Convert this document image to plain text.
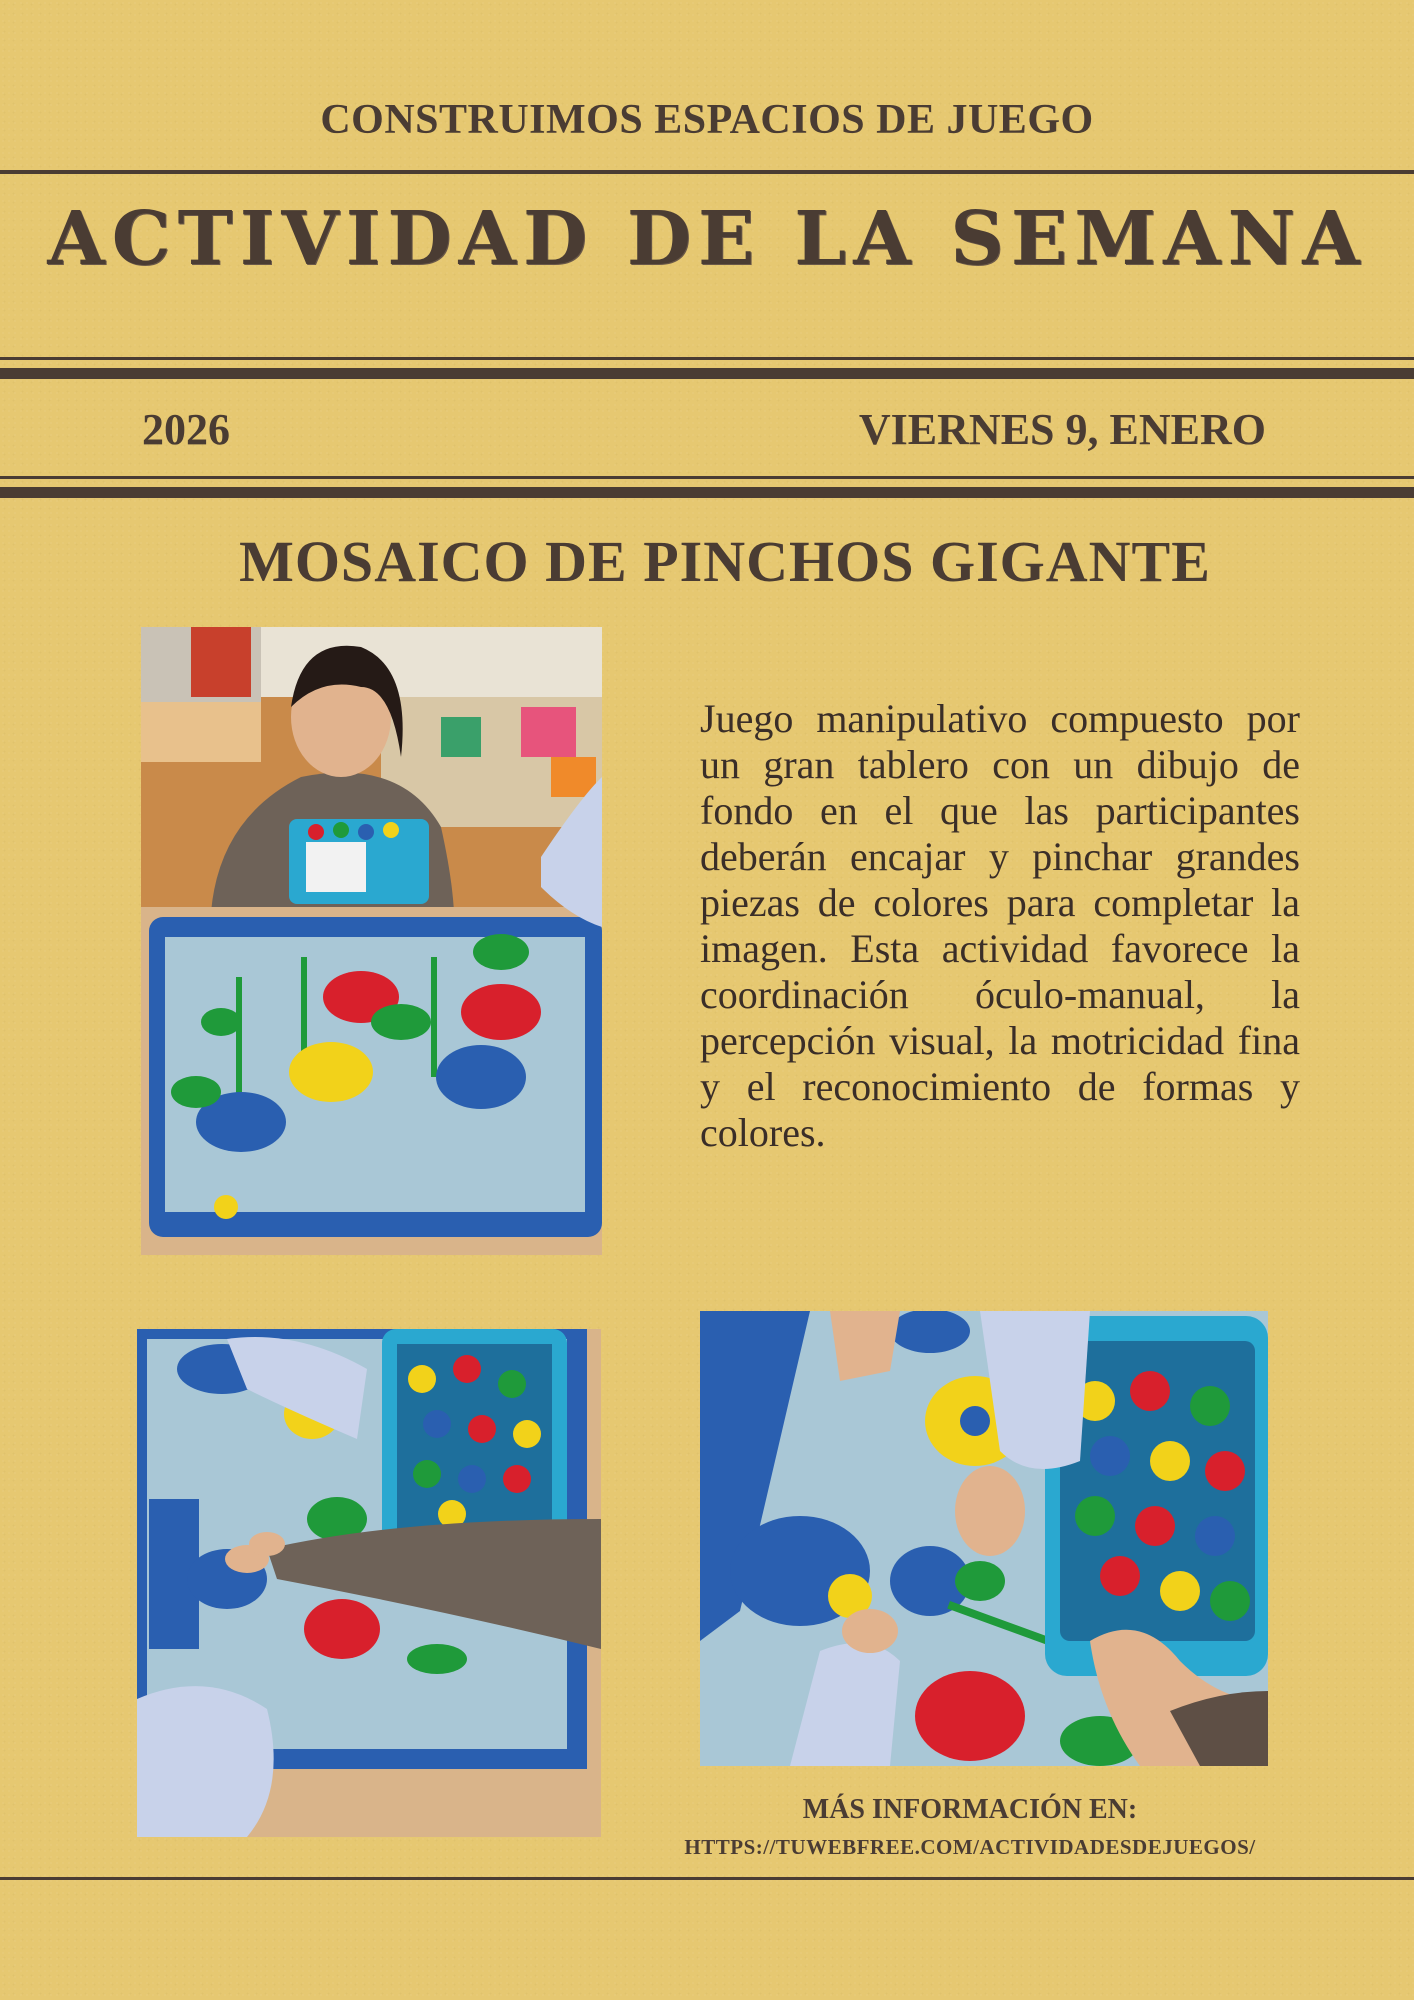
CONSTRUIMOS ESPACIOS DE JUEGO
ACTIVIDAD DE LA SEMANA
2026	VIERNES 9, ENERO
MOSAICO DE PINCHOS GIGANTE
Juego manipulativo compuesto por un gran tablero con un dibujo de fondo en el que las participantes deberán encajar y pinchar grandes piezas de colores para completar la imagen. Esta actividad favorece la coordinación óculo-manual, la percepción visual, la motricidad fina y el reconocimiento de formas y colores.
MÁS INFORMACIÓN EN:
HTTPS://TUWEBFREE.COM/ACTIVIDADESDEJUEGOS/
